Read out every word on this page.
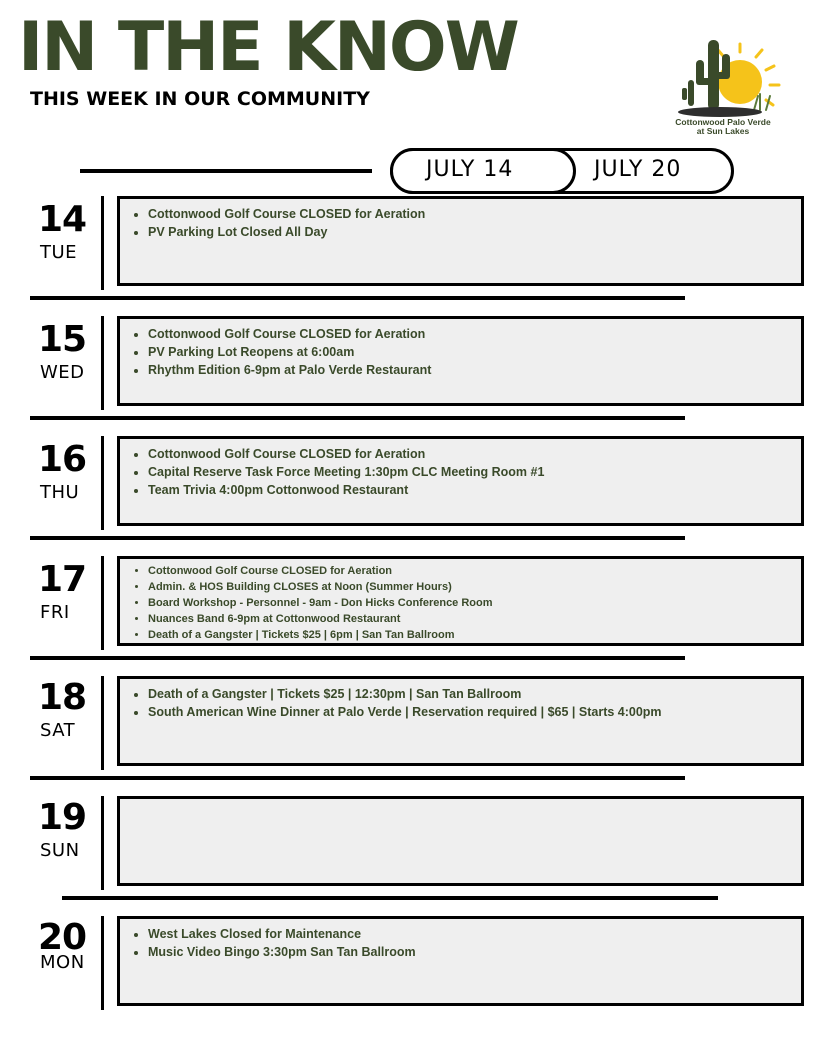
IN THE KNOW
THIS WEEK IN OUR COMMUNITY
Cottonwood Palo Verde
at Sun Lakes
JULY 14	JULY 20
14
TUE
• Cottonwood Golf Course CLOSED for Aeration
• PV Parking Lot Closed All Day
15
WED
• Cottonwood Golf Course CLOSED for Aeration
• PV Parking Lot Reopens at 6:00am
• Rhythm Edition 6-9pm at Palo Verde Restaurant
16
THU
• Cottonwood Golf Course CLOSED for Aeration
• Capital Reserve Task Force Meeting 1:30pm CLC Meeting Room #1
• Team Trivia 4:00pm Cottonwood Restaurant
17
FRI
• Cottonwood Golf Course CLOSED for Aeration
• Admin. & HOS Building CLOSES at Noon (Summer Hours)
• Board Workshop - Personnel - 9am - Don Hicks Conference Room
• Nuances Band 6-9pm at Cottonwood Restaurant
• Death of a Gangster | Tickets $25 | 6pm | San Tan Ballroom
18
SAT
• Death of a Gangster | Tickets $25 | 12:30pm | San Tan Ballroom
• South American Wine Dinner at Palo Verde | Reservation required | $65 | Starts 4:00pm
19
SUN
20
MON
• West Lakes Closed for Maintenance
• Music Video Bingo 3:30pm San Tan Ballroom
